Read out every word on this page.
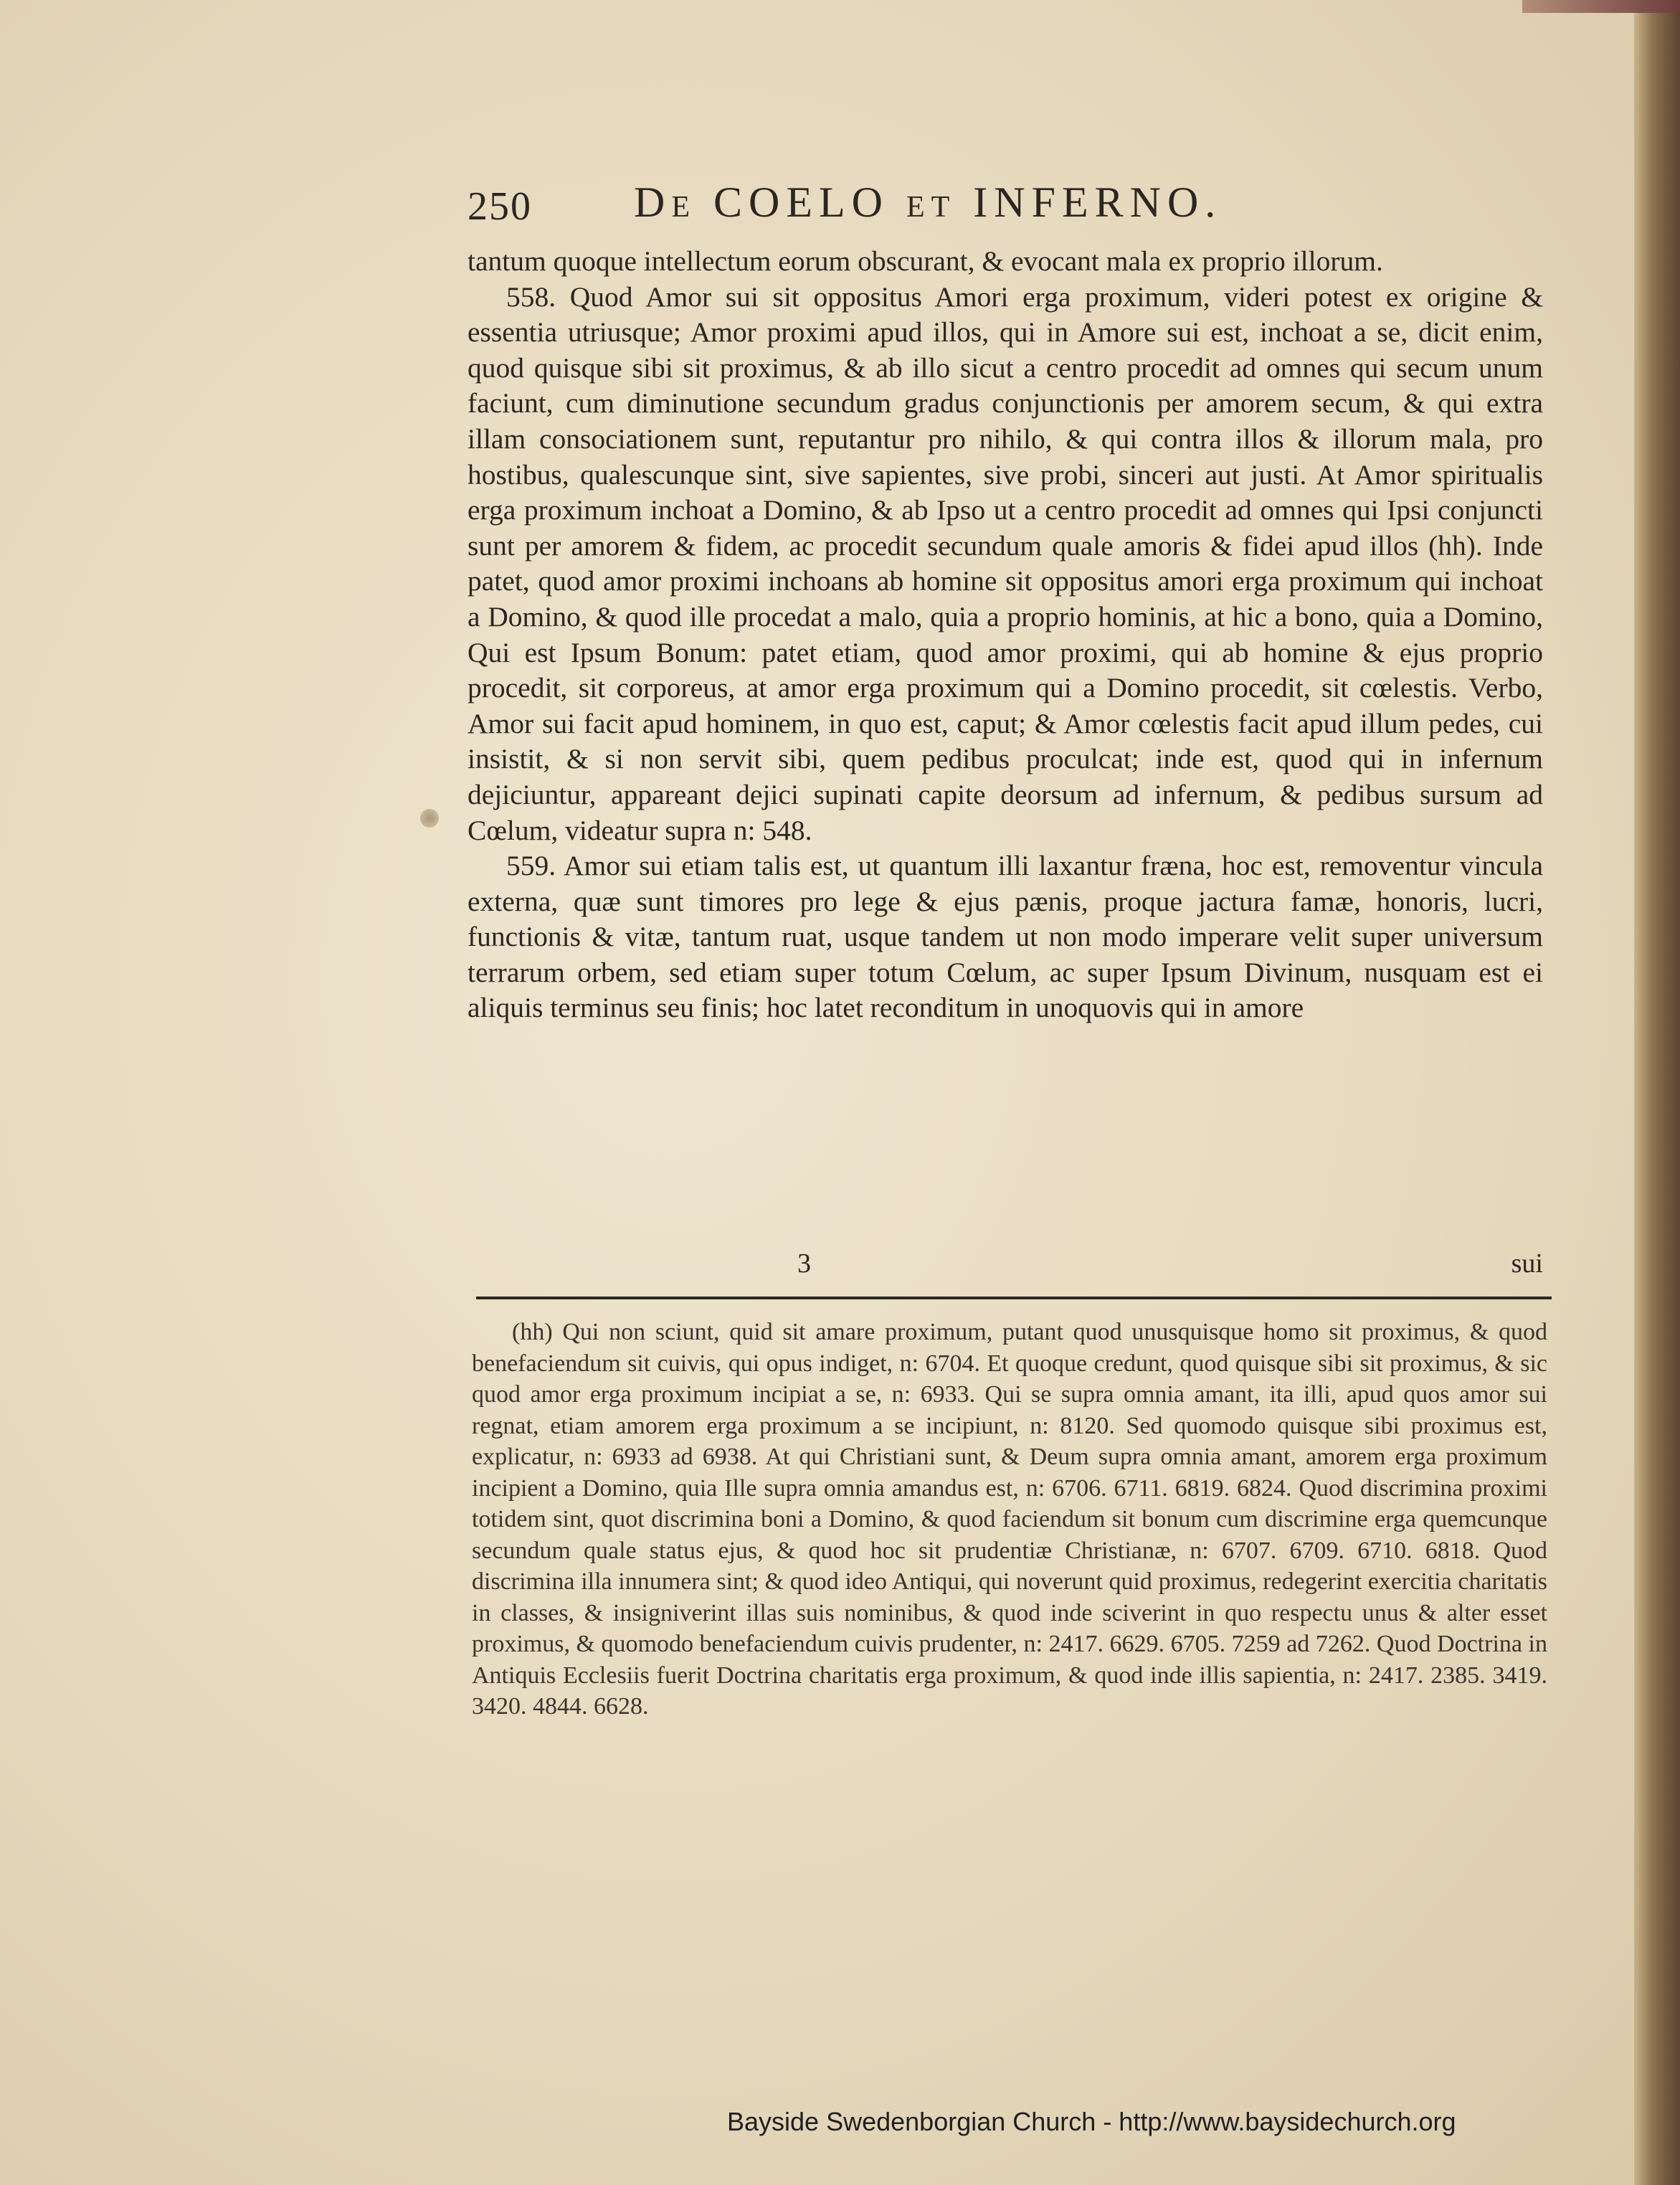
250 De COELO et INFERNO.

tantum quoque intellectum eorum obscurant, & evocant mala ex proprio illorum.

558. Quod Amor sui sit oppositus Amori erga proximum, videri potest ex origine & essentia utriusque; Amor proximi apud illos, qui in Amore sui est, inchoat a se, dicit enim, quod quisque sibi sit proximus, & ab illo sicut a centro procedit ad omnes qui secum unum faciunt, cum diminutione secundum gradus conjunctionis per amorem secum, & qui extra illam consociationem sunt, reputantur pro nihilo, & qui contra illos & illorum mala, pro hostibus, qualescunque sint, sive sapientes, sive probi, sinceri aut justi. At Amor spiritualis erga proximum inchoat a Domino, & ab Ipso ut a centro procedit ad omnes qui Ipsi conjuncti sunt per amorem & fidem, ac procedit secundum quale amoris & fidei apud illos (hh). Inde patet, quod amor proximi inchoans ab homine sit oppositus amori erga proximum qui inchoat a Domino, & quod ille procedat a malo, quia a proprio hominis, at hic a bono, quia a Domino, Qui est Ipsum Bonum: patet etiam, quod amor proximi, qui ab homine & ejus proprio procedit, sit corporeus, at amor erga proximum qui a Domino procedit, sit cœlestis. Verbo, Amor sui facit apud hominem, in quo est, caput; & Amor cœlestis facit apud illum pedes, cui insistit, & si non servit sibi, quem pedibus proculcat; inde est, quod qui in infernum dejiciuntur, appareant dejici supinati capite deorsum ad infernum, & pedibus sursum ad Cœlum, videatur supra n: 548.

559. Amor sui etiam talis est, ut quantum illi laxantur fræna, hoc est, removentur vincula externa, quæ sunt timores pro lege & ejus pænis, proque jactura famæ, honoris, lucri, functionis & vitæ, tantum ruat, usque tandem ut non modo imperare velit super universum terrarum orbem, sed etiam super totum Cœlum, ac super Ipsum Divinum, nusquam est ei aliquis terminus seu finis; hoc latet reconditum in unoquovis qui in amore

3	sui

(hh) Qui non sciunt, quid sit amare proximum, putant quod unusquisque homo sit proximus, & quod benefaciendum sit cuivis, qui opus indiget, n: 6704. Et quoque credunt, quod quisque sibi sit proximus, & sic quod amor erga proximum incipiat a se, n: 6933. Qui se supra omnia amant, ita illi, apud quos amor sui regnat, etiam amorem erga proximum a se incipiunt, n: 8120. Sed quomodo quisque sibi proximus est, explicatur, n: 6933 ad 6938. At qui Christiani sunt, & Deum supra omnia amant, amorem erga proximum incipient a Domino, quia Ille supra omnia amandus est, n: 6706. 6711. 6819. 6824. Quod discrimina proximi totidem sint, quot discrimina boni a Domino, & quod faciendum sit bonum cum discrimine erga quemcunque secundum quale status ejus, & quod hoc sit prudentiæ Christianæ, n: 6707. 6709. 6710. 6818. Quod discrimina illa innumera sint; & quod ideo Antiqui, qui noverunt quid proximus, redegerint exercitia charitatis in classes, & insigniverint illas suis nominibus, & quod inde sciverint in quo respectu unus & alter esset proximus, & quomodo benefaciendum cuivis prudenter, n: 2417. 6629. 6705. 7259 ad 7262. Quod Doctrina in Antiquis Ecclesiis fuerit Doctrina charitatis erga proximum, & quod inde illis sapientia, n: 2417. 2385. 3419. 3420. 4844. 6628.

Bayside Swedenborgian Church - http://www.baysidechurch.org
